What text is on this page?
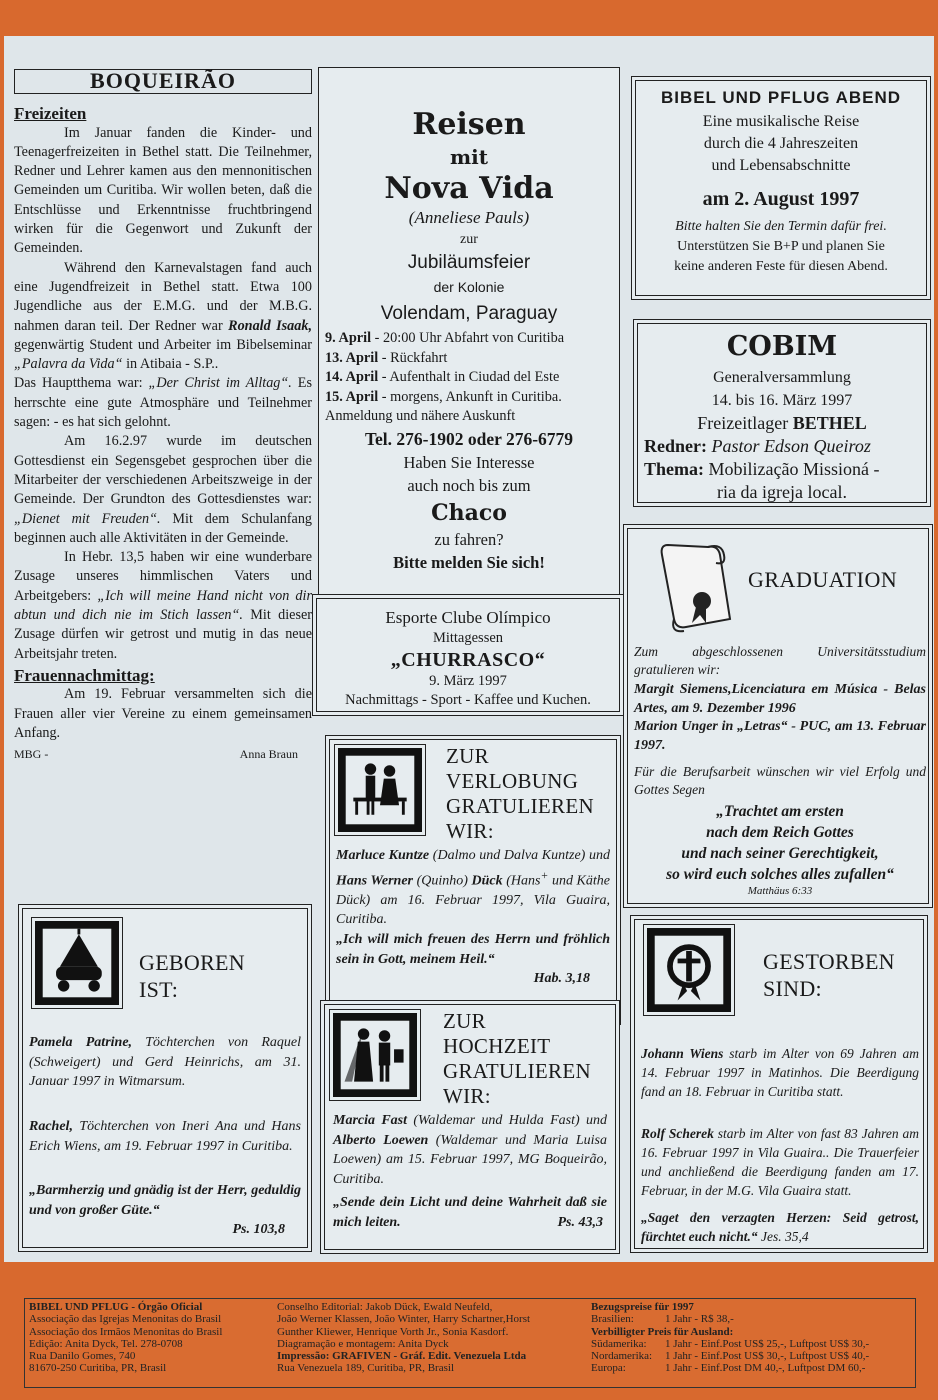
BOQUEIRÃO
Freizeiten

Im Januar fanden die Kinder- und Teenagerfreizeiten in Bethel statt. Die Teilnehmer, Redner und Lehrer kamen aus den mennonitischen Gemeinden um Curitiba. Wir wollen beten, daß die Entschlüsse und Erkenntnisse fruchtbringend wirken für die Gegenwort und Zukunft der Gemeinden.

Während den Karnevalstagen fand auch eine Jugendfreizeit in Bethel statt. Etwa 100 Jugendliche aus der E.M.G. und der M.B.G. nahmen daran teil. Der Redner war Ronald Isaak, gegenwärtig Student und Arbeiter im Bibelseminar „Palavra da Vida“ in Atibaia - S.P..

Das Hauptthema war: „Der Christ im Alltag“. Es herrschte eine gute Atmosphäre und Teilnehmer sagen: - es hat sich gelohnt.

Am 16.2.97 wurde im deutschen Gottesdienst ein Segensgebet gesprochen über die Mitarbeiter der verschiedenen Arbeitszweige in der Gemeinde. Der Grundton des Gottesdienstes war: „Dienet mit Freuden“. Mit dem Schulanfang beginnen auch alle Aktivitäten in der Gemeinde.

In Hebr. 13,5 haben wir eine wunderbare Zusage unseres himmlischen Vaters und Arbeitgebers: „Ich will meine Hand nicht von dir abtun und dich nie im Stich lassen“. Mit dieser Zusage dürfen wir getrost und mutig in das neue Arbeitsjahr treten.

Frauennachmittag:

Am 19. Februar versammelten sich die Frauen aller vier Vereine zu einem gemeinsamen Anfang.

MBG -	Anna Braun
Reisen
mit
Nova Vida
(Anneliese Pauls)
zur
Jubiläumsfeier
der Kolonie
Volendam, Paraguay
9. April - 20:00 Uhr Abfahrt von Curitiba
13. April - Rückfahrt
14. April - Aufenthalt in Ciudad del Este
15. April - morgens, Ankunft in Curitiba.
Anmeldung und nähere Auskunft
Tel. 276-1902 oder 276-6779
Haben Sie Interesse
auch noch bis zum
Chaco
zu fahren?
Bitte melden Sie sich!
Esporte Clube Olímpico
Mittagessen
„CHURRASCO“
9. März 1997
Nachmittags - Sport - Kaffee und Kuchen.
ZUR
VERLOBUNG
GRATULIEREN
WIR:
Marluce Kuntze (Dalmo und Dalva Kuntze) und Hans Werner (Quinho) Dück (Hans+ und Käthe Dück) am 16. Februar 1997, Vila Guaira, Curitiba.
„Ich will mich freuen des Herrn und fröhlich sein in Gott, meinem Heil.“
Hab. 3,18
ZUR
HOCHZEIT
GRATULIEREN
WIR:
Marcia Fast (Waldemar und Hulda Fast) und Alberto Loewen (Waldemar und Maria Luisa Loewen) am 15. Februar 1997, MG Boqueirão, Curitiba.
„Sende dein Licht und deine Wahrheit daß sie mich leiten.	Ps. 43,3
BIBEL UND PFLUG ABEND
Eine musikalische Reise
durch die 4 Jahreszeiten
und Lebensabschnitte
am 2. August 1997
Bitte halten Sie den Termin dafür frei.
Unterstützen Sie B+P und planen Sie
keine anderen Feste für diesen Abend.
COBIM
Generalversammlung
14. bis 16. März 1997
Freizeitlager BETHEL
Redner: Pastor Edson Queiroz
Thema: Mobilização Missioná -
ria da igreja local.
GRADUATION
Zum abgeschlossenen Universitätsstudium gratulieren wir:
Margit Siemens,Licenciatura em Música - Belas Artes, am 9. Dezember 1996
Marion Unger in „Letras“ - PUC, am 13. Februar 1997.
Für die Berufsarbeit wünschen wir viel Erfolg und Gottes Segen
„Trachtet am ersten
nach dem Reich Gottes
und nach seiner Gerechtigkeit,
so wird euch solches alles zufallen“
Matthäus 6:33
GESTORBEN
SIND:
Johann Wiens starb im Alter von 69 Jahren am 14. Februar 1997 in Matinhos. Die Beerdigung fand an 18. Februar in Curitiba statt.
Rolf Scherek starb im Alter von fast 83 Jahren am 16. Februar 1997 in Vila Guaira.. Die Trauerfeier und anchließend die Beerdigung fanden am 17. Februar, in der M.G. Vila Guaira statt.
„Saget den verzagten Herzen: Seid getrost, fürchtet euch nicht.“ Jes. 35,4
GEBOREN
IST:
Pamela Patrine, Töchterchen von Raquel (Schweigert) und Gerd Heinrichs, am 31. Januar 1997 in Witmarsum.
Rachel, Töchterchen von Ineri Ana und Hans Erich Wiens, am 19. Februar 1997 in Curitiba.
„Barmherzig und gnädig ist der Herr, geduldig und von großer Güte.“
Ps. 103,8
BIBEL UND PFLUG - Órgão Oficial
Associação das Igrejas Menonitas do Brasil
Associação dos Irmãos Menonitas do Brasil
Edição: Anita Dyck, Tel. 278-0708
Rua Danilo Gomes, 740
81670-250 Curitiba, PR, Brasil
Conselho Editorial: Jakob Dück, Ewald Neufeld,
João Werner Klassen, João Winter, Harry Schartner,Horst
Gunther Kliewer, Henrique Vorth Jr., Sonia Kasdorf.
Diagramação e montagem: Anita Dyck
Impressão: GRAFIVEN - Gráf. Edit. Venezuela Ltda
Rua Venezuela 189, Curitiba, PR, Brasil
Bezugspreise für 1997
Brasilien:	1 Jahr - R$ 38,-
Verbilligter Preis für Ausland:
Südamerika:	1 Jahr - Einf.Post US$ 25,-, Luftpost US$ 30,-
Nordamerika:	1 Jahr - Einf.Post US$ 30,-, Luftpost US$ 40,-
Europa:	1 Jahr - Einf.Post DM 40,-, Luftpost DM 60,-
